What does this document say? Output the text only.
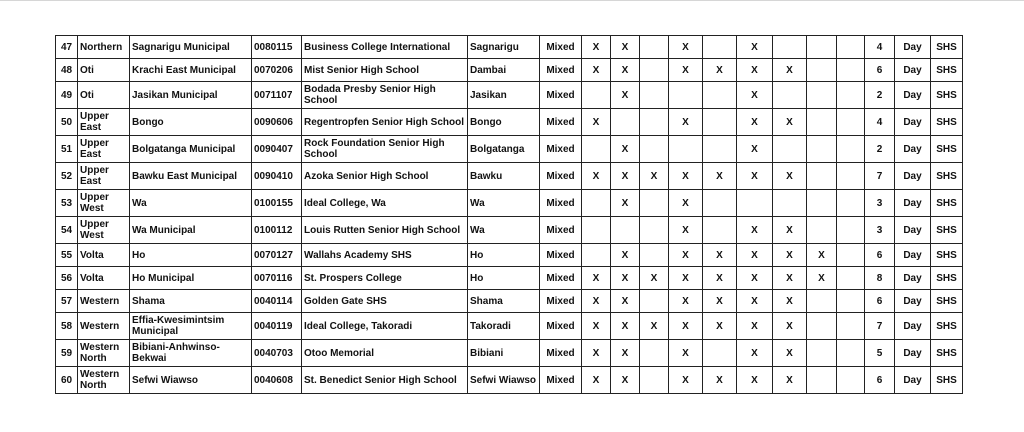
47	Northern	Sagnarigu Municipal	0080115	Business College International	Sagnarigu	Mixed	X	X		X		X				4	Day	SHS
48	Oti	Krachi East Municipal	0070206	Mist Senior High School	Dambai	Mixed	X	X		X	X	X	X			6	Day	SHS
49	Oti	Jasikan Municipal	0071107	Bodada Presby Senior High School	Jasikan	Mixed		X				X				2	Day	SHS
50	Upper East	Bongo	0090606	Regentropfen Senior High School	Bongo	Mixed	X			X		X	X			4	Day	SHS
51	Upper East	Bolgatanga Municipal	0090407	Rock Foundation Senior High School	Bolgatanga	Mixed		X				X				2	Day	SHS
52	Upper East	Bawku East Municipal	0090410	Azoka Senior High School	Bawku	Mixed	X	X	X	X	X	X	X			7	Day	SHS
53	Upper West	Wa	0100155	Ideal College, Wa	Wa	Mixed		X		X						3	Day	SHS
54	Upper West	Wa Municipal	0100112	Louis Rutten Senior High School	Wa	Mixed				X		X	X			3	Day	SHS
55	Volta	Ho	0070127	Wallahs Academy SHS	Ho	Mixed		X		X	X	X	X	X		6	Day	SHS
56	Volta	Ho Municipal	0070116	St. Prospers College	Ho	Mixed	X	X	X	X	X	X	X	X		8	Day	SHS
57	Western	Shama	0040114	Golden Gate SHS	Shama	Mixed	X	X		X	X	X	X			6	Day	SHS
58	Western	Effia-Kwesimintsim Municipal	0040119	Ideal College, Takoradi	Takoradi	Mixed	X	X	X	X	X	X	X			7	Day	SHS
59	Western North	Bibiani-Anhwinso-Bekwai	0040703	Otoo Memorial	Bibiani	Mixed	X	X		X		X	X			5	Day	SHS
60	Western North	Sefwi Wiawso	0040608	St. Benedict Senior High School	Sefwi Wiawso	Mixed	X	X		X	X	X	X			6	Day	SHS
